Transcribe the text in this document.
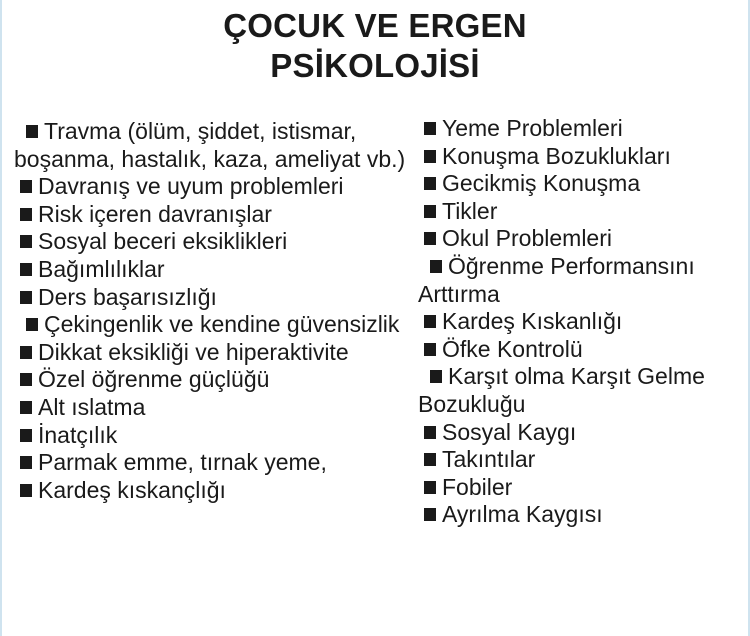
ÇOCUK VE ERGEN
PSİKOLOJİSİ
Travma (ölüm, şiddet, istismar, boşanma, hastalık, kaza, ameliyat vb.)
Davranış ve uyum problemleri
Risk içeren davranışlar
Sosyal beceri eksiklikleri
Bağımlılıklar
Ders başarısızlığı
Çekingenlik ve kendine güvensizlik
Dikkat eksikliği ve hiperaktivite
Özel öğrenme güçlüğü
Alt ıslatma
İnatçılık
Parmak emme, tırnak yeme,
Kardeş kıskançlığı
Yeme Problemleri
Konuşma Bozuklukları
Gecikmiş Konuşma
Tikler
Okul Problemleri
Öğrenme Performansını Arttırma
Kardeş Kıskanlığı
Öfke Kontrolü
Karşıt olma Karşıt Gelme Bozukluğu
Sosyal Kaygı
Takıntılar
Fobiler
Ayrılma Kaygısı
